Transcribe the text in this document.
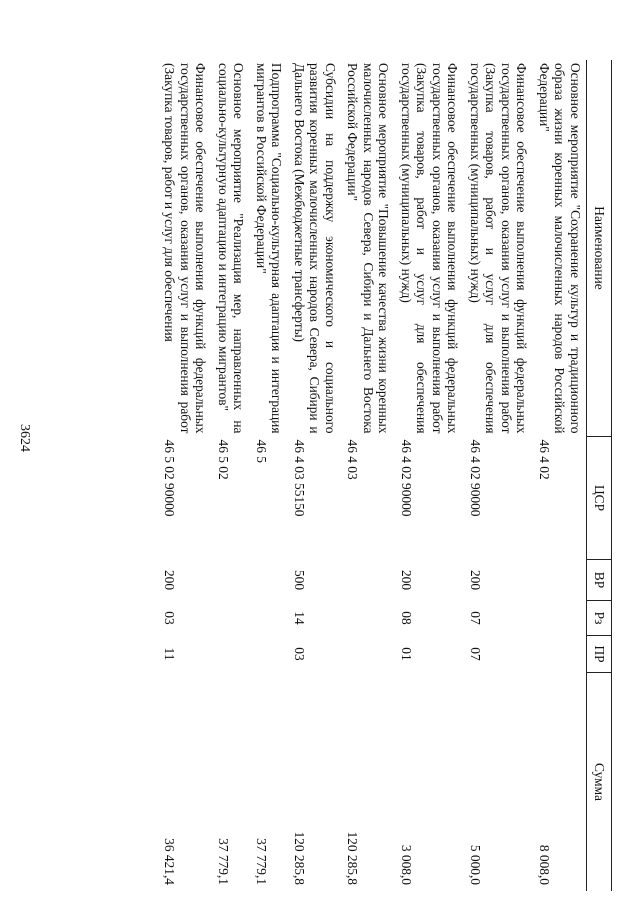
3624
Наименование	ЦСР	ВР	Рз	ПР	Сумма
Основное мероприятие "Сохранение культур и традиционного образа жизни коренных малочисленных народов Российской Федерации"	46 4 02				8 008,0
Финансовое обеспечение выполнения функций федеральных государственных органов, оказания услуг и выполнения работ (Закупка товаров, работ и услуг для обеспечения государственных (муниципальных) нужд)	46 4 02 90000	200	07	07	5 000,0
Финансовое обеспечение выполнения функций федеральных государственных органов, оказания услуг и выполнения работ (Закупка товаров, работ и услуг для обеспечения государственных (муниципальных) нужд)	46 4 02 90000	200	08	01	3 008,0
Основное мероприятие "Повышение качества жизни коренных малочисленных народов Севера, Сибири и Дальнего Востока Российской Федерации"	46 4 03				120 285,8
Субсидии на поддержку экономического и социального развития коренных малочисленных народов Севера, Сибири и Дальнего Востока (Межбюджетные трансферты)	46 4 03 55150	500	14	03	120 285,8
Подпрограмма "Социально-культурная адаптация и интеграция мигрантов в Российской Федерации"	46 5				37 779,1
Основное мероприятие "Реализация мер, направленных на социально-культурную адаптацию и интеграцию мигрантов"	46 5 02				37 779,1
Финансовое обеспечение выполнения функций федеральных государственных органов, оказания услуг и выполнения работ (Закупка товаров, работ и услуг для обеспечения	46 5 02 90000	200	03	11	36 421,4
